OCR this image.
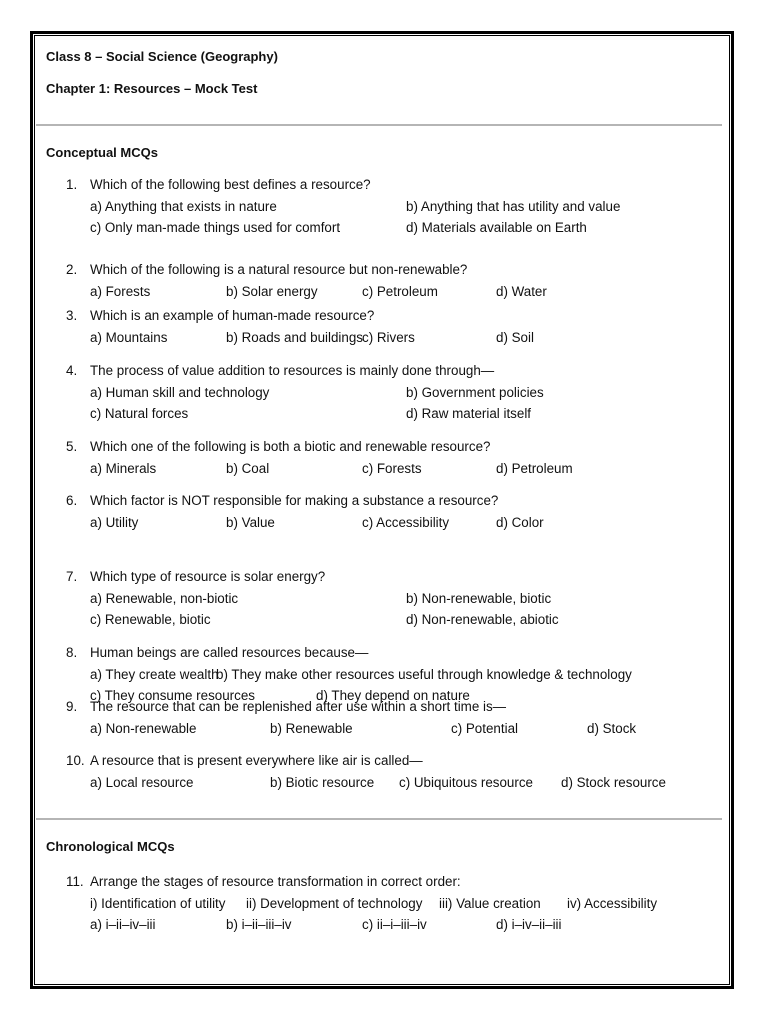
Class 8 – Social Science (Geography)

Chapter 1: Resources – Mock Test

Conceptual MCQs
1. Which of the following best defines a resource?
a) Anything that exists in nature	b) Anything that has utility and value
c) Only man-made things used for comfort	d) Materials available on Earth
2. Which of the following is a natural resource but non-renewable?
a) Forests	b) Solar energy	c) Petroleum	d) Water
3. Which is an example of human-made resource?
a) Mountains	b) Roads and buildings c) Rivers	d) Soil
4. The process of value addition to resources is mainly done through—
a) Human skill and technology	b) Government policies
c) Natural forces	d) Raw material itself
5. Which one of the following is both a biotic and renewable resource?
a) Minerals	b) Coal	c) Forests	d) Petroleum
6. Which factor is NOT responsible for making a substance a resource?
a) Utility	b) Value	c) Accessibility	d) Color
7. Which type of resource is solar energy?
a) Renewable, non-biotic	b) Non-renewable, biotic
c) Renewable, biotic	d) Non-renewable, abiotic
8. Human beings are called resources because—
a) They create wealth
b) They make other resources useful through knowledge & technology
c) They consume resources	d) They depend on nature
9. The resource that can be replenished after use within a short time is—
a) Non-renewable	b) Renewable	c) Potential	d) Stock
10. A resource that is present everywhere like air is called—
a) Local resource	b) Biotic resource c) Ubiquitous resource d) Stock resource
Chronological MCQs
11. Arrange the stages of resource transformation in correct order:
i) Identification of utility ii) Development of technology iii) Value creation iv) Accessibility
a) i–ii–iv–iii	b) i–ii–iii–iv	c) ii–i–iii–iv	d) i–iv–ii–iii
